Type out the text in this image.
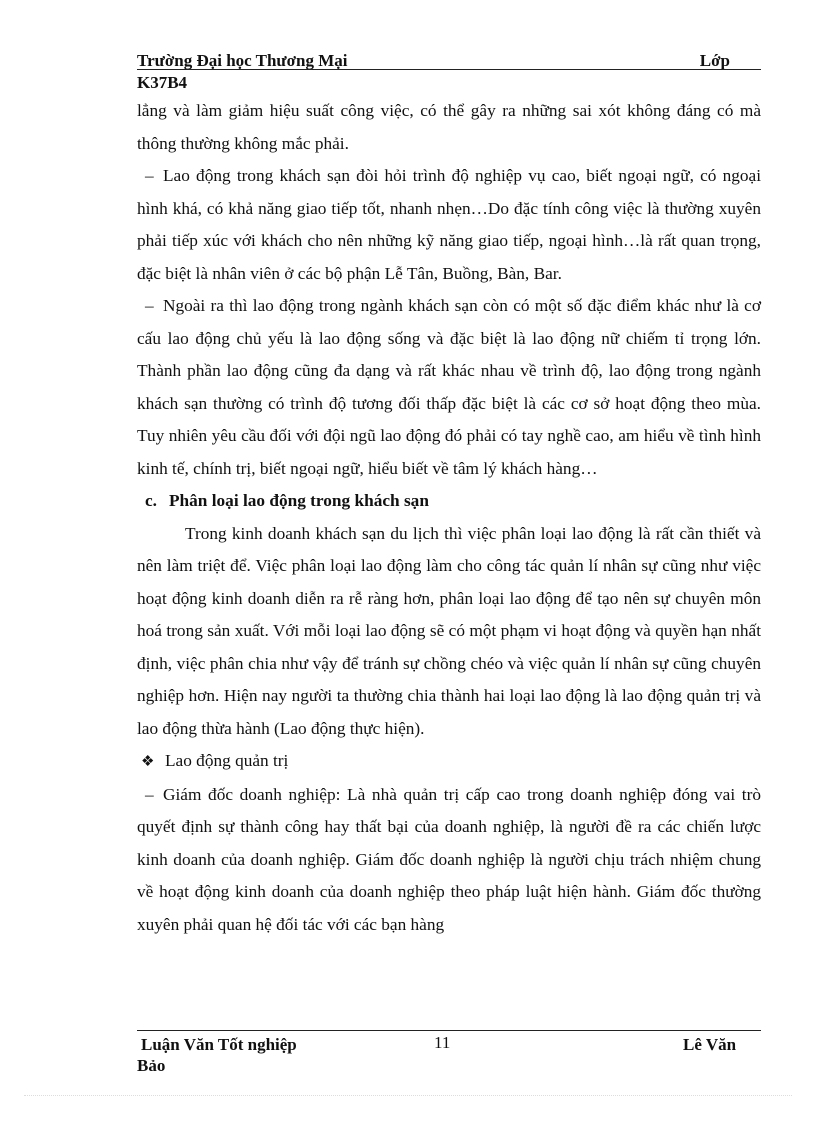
Trường Đại học Thương Mại	Lớp
K37B4

lẳng và làm giảm hiệu suất công việc, có thể gây ra những sai xót không đáng có mà thông thường không mắc phải.

– Lao động trong khách sạn đòi hỏi trình độ nghiệp vụ cao, biết ngoại ngữ, có ngoại hình khá, có khả năng giao tiếp tốt, nhanh nhẹn…Do đặc tính công việc là thường xuyên phải tiếp xúc với khách cho nên những kỹ năng giao tiếp, ngoại hình…là rất quan trọng, đặc biệt là nhân viên ở các bộ phận Lễ Tân, Buồng, Bàn, Bar.

– Ngoài ra thì lao động trong ngành khách sạn còn có một số đặc điểm khác như là cơ cấu lao động chủ yếu là lao động sống và đặc biệt là lao động nữ chiếm tỉ trọng lớn. Thành phần lao động cũng đa dạng và rất khác nhau về trình độ, lao động trong ngành khách sạn thường có trình độ tương đối thấp đặc biệt là các cơ sở hoạt động theo mùa. Tuy nhiên yêu cầu đối với đội ngũ lao động đó phải có tay nghề cao, am hiểu về tình hình kinh tế, chính trị, biết ngoại ngữ, hiểu biết về tâm lý khách hàng…

c. Phân loại lao động trong khách sạn

Trong kinh doanh khách sạn du lịch thì việc phân loại lao động là rất cần thiết và nên làm triệt để. Việc phân loại lao động làm cho công tác quản lí nhân sự cũng như việc hoạt động kinh doanh diễn ra rễ ràng hơn, phân loại lao động để tạo nên sự chuyên môn hoá trong sản xuất. Với mỗi loại lao động sẽ có một phạm vi hoạt động và quyền hạn nhất định, việc phân chia như vậy để tránh sự chồng chéo và việc quản lí nhân sự cũng chuyên nghiệp hơn. Hiện nay người ta thường chia thành hai loại lao động là lao động quản trị và lao động thừa hành (Lao động thực hiện).

❖ Lao động quản trị

– Giám đốc doanh nghiệp: Là nhà quản trị cấp cao trong doanh nghiệp đóng vai trò quyết định sự thành công hay thất bại của doanh nghiệp, là người đề ra các chiến lược kinh doanh của doanh nghiệp. Giám đốc doanh nghiệp là người chịu trách nhiệm chung về hoạt động kinh doanh của doanh nghiệp theo pháp luật hiện hành. Giám đốc thường xuyên phải quan hệ đối tác với các bạn hàng

Luận Văn Tốt nghiệp	11	Lê Văn
Bảo
